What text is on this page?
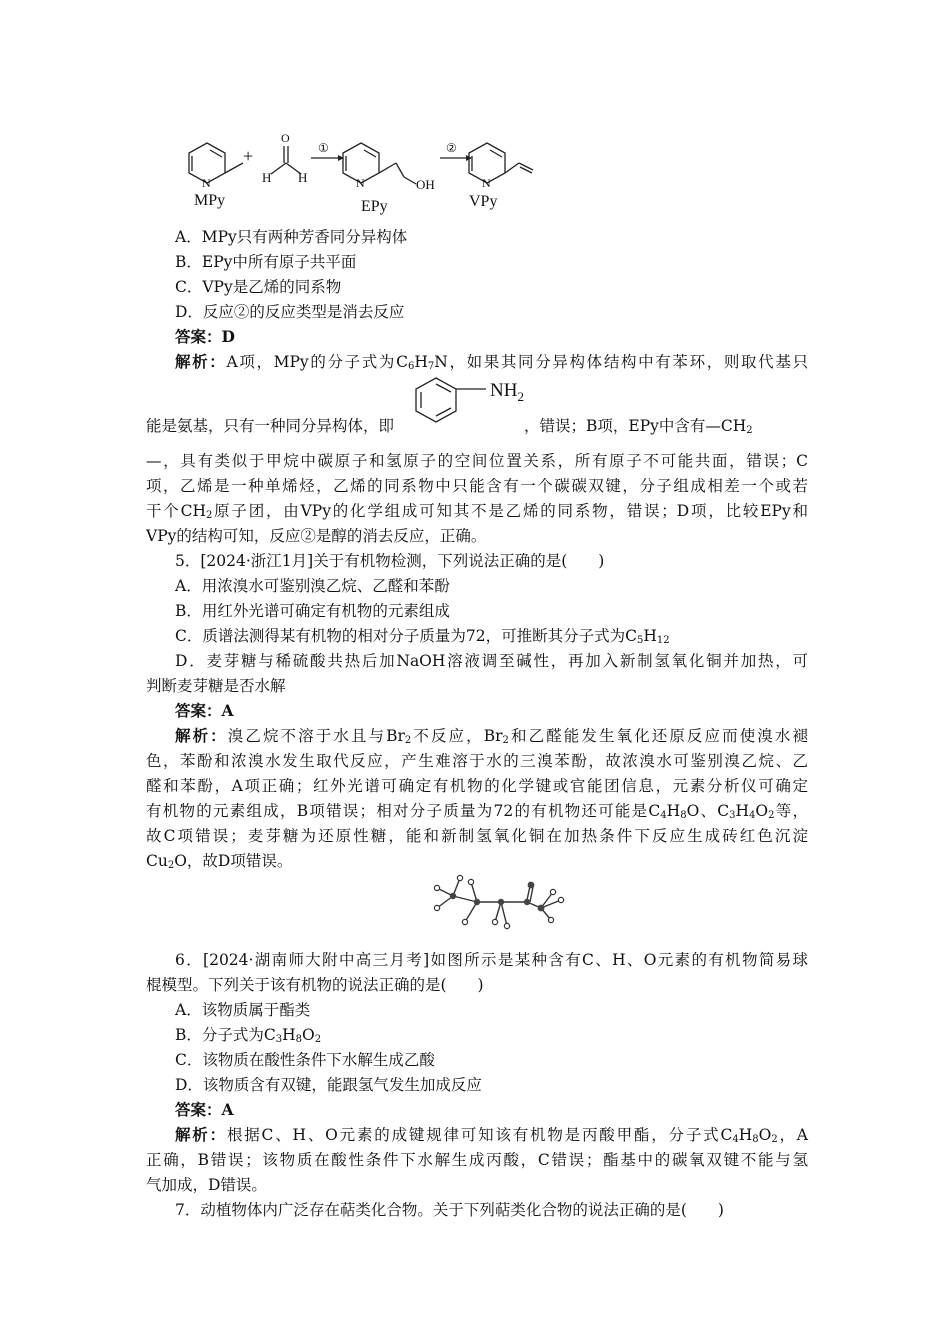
+
O
H H
N	N	N
OH
①	②
MPy	EPy	VPy
A．MPy只有两种芳香同分异构体
B．EPy中所有原子共平面
C．VPy是乙烯的同系物
D．反应②的反应类型是消去反应
答案：D
解析：A项，MPy的分子式为$C_6H_7N$，如果其同分异构体结构中有苯环，则取代基只
$NH_2$
能是氨基，只有一种同分异构体，即	，错误；B项，EPy中含有$—CH_2$
—，具有类似于甲烷中碳原子和氢原子的空间位置关系，所有原子不可能共面，错误；C
项，乙烯是一种单烯烃，乙烯的同系物中只能含有一个碳碳双键，分子组成相差一个或若
干个$CH_2$原子团，由VPy的化学组成可知其不是乙烯的同系物，错误；D项，比较EPy和
VPy的结构可知，反应②是醇的消去反应，正确。
5．[2024·浙江1月]关于有机物检测，下列说法正确的是(　　)
A．用浓溴水可鉴别溴乙烷、乙醛和苯酚
B．用红外光谱可确定有机物的元素组成
C．质谱法测得某有机物的相对分子质量为72，可推断其分子式为$C_5H_{12}$
D．麦芽糖与稀硫酸共热后加NaOH溶液调至碱性，再加入新制氢氧化铜并加热，可
判断麦芽糖是否水解
答案：A
解析：溴乙烷不溶于水且与$Br_2$不反应，$Br_2$和乙醛能发生氧化还原反应而使溴水褪
色，苯酚和浓溴水发生取代反应，产生难溶于水的三溴苯酚，故浓溴水可鉴别溴乙烷、乙
醛和苯酚，A项正确；红外光谱可确定有机物的化学键或官能团信息，元素分析仪可确定
有机物的元素组成，B项错误；相对分子质量为72的有机物还可能是$C_4H_8O$、$C_3H_4O_2$等，
故C项错误；麦芽糖为还原性糖，能和新制氢氧化铜在加热条件下反应生成砖红色沉淀
$Cu_2O$，故D项错误。
6．[2024·湖南师大附中高三月考]如图所示是某种含有C、H、O元素的有机物简易球
棍模型。下列关于该有机物的说法正确的是(　　)
A．该物质属于酯类
B．分子式为$C_3H_8O_2$
C．该物质在酸性条件下水解生成乙酸
D．该物质含有双键，能跟氢气发生加成反应
答案：A
解析：根据C、H、O元素的成键规律可知该有机物是丙酸甲酯，分子式$C_4H_8O_2$，A
正确，B错误；该物质在酸性条件下水解生成丙酸，C错误；酯基中的碳氧双键不能与氢
气加成，D错误。
7．动植物体内广泛存在萜类化合物。关于下列萜类化合物的说法正确的是(　　)
